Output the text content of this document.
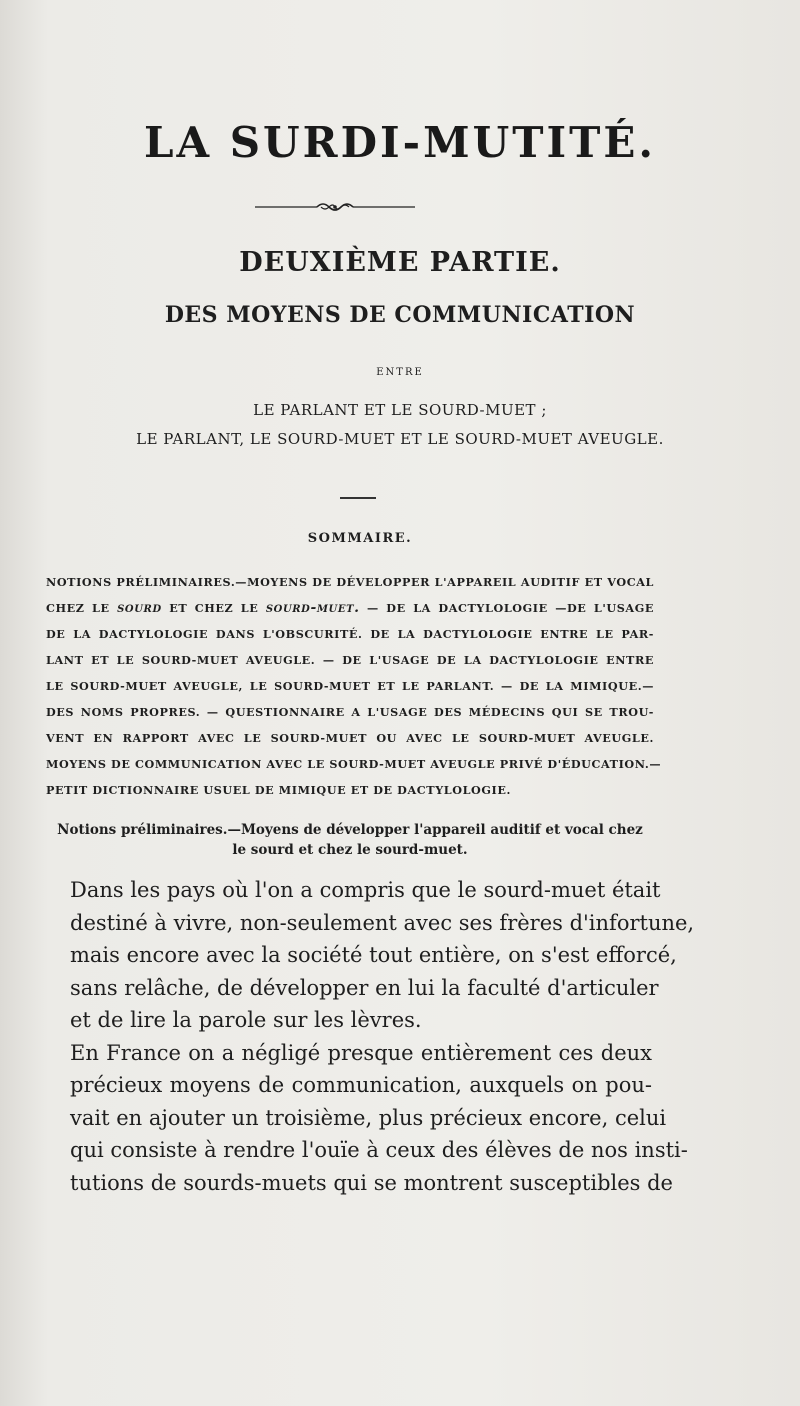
LA SURDI-MUTITÉ.
DEUXIÈME PARTIE.
DES MOYENS DE COMMUNICATION
ENTRE
LE PARLANT ET LE SOURD-MUET ;
LE PARLANT, LE SOURD-MUET ET LE SOURD-MUET AVEUGLE.
SOMMAIRE.
NOTIONS PRÉLIMINAIRES.—MOYENS DE DÉVELOPPER L'APPAREIL AUDITIF ET VOCAL
CHEZ LE sourd ET CHEZ LE sourd-muet. — DE LA DACTYLOLOGIE —DE L'USAGE
DE LA DACTYLOLOGIE DANS L'OBSCURITÉ. DE LA DACTYLOLOGIE ENTRE LE PAR-
LANT ET LE SOURD-MUET AVEUGLE. — DE L'USAGE DE LA DACTYLOLOGIE ENTRE
LE SOURD-MUET AVEUGLE, LE SOURD-MUET ET LE PARLANT. — DE LA MIMIQUE.—
DES NOMS PROPRES. — QUESTIONNAIRE A L'USAGE DES MÉDECINS QUI SE TROU-
VENT EN RAPPORT AVEC LE SOURD-MUET OU AVEC LE SOURD-MUET AVEUGLE.
MOYENS DE COMMUNICATION AVEC LE SOURD-MUET AVEUGLE PRIVÉ D'ÉDUCATION.—
PETIT DICTIONNAIRE USUEL DE MIMIQUE ET DE DACTYLOLOGIE.
Notions préliminaires.—Moyens de développer l'appareil auditif et vocal chez
le sourd et chez le sourd-muet.
Dans les pays où l'on a compris que le sourd-muet était
destiné à vivre, non-seulement avec ses frères d'infortune,
mais encore avec la société tout entière, on s'est efforcé,
sans relâche, de développer en lui la faculté d'articuler
et de lire la parole sur les lèvres.
En France on a négligé presque entièrement ces deux
précieux moyens de communication, auxquels on pou-
vait en ajouter un troisième, plus précieux encore, celui
qui consiste à rendre l'ouïe à ceux des élèves de nos insti-
tutions de sourds-muets qui se montrent susceptibles de
